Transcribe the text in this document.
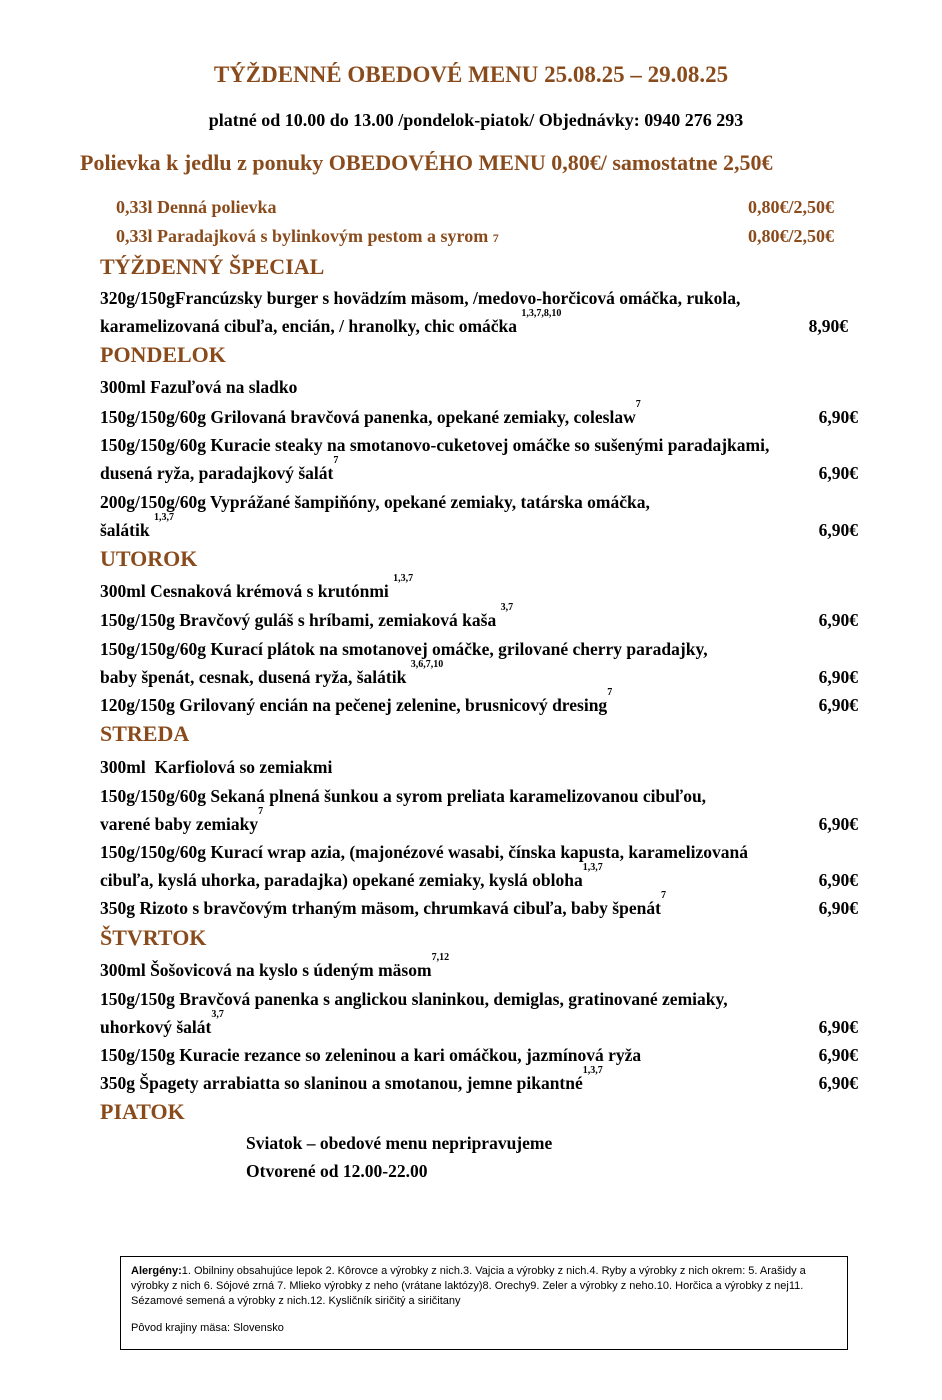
TÝŽDENNÉ OBEDOVÉ MENU 25.08.25 – 29.08.25
platné od 10.00 do 13.00 /pondelok-piatok/ Objednávky: 0940 276 293
Polievka k jedlu z ponuky OBEDOVÉHO MENU 0,80€/ samostatne 2,50€
0,33l Denná polievka	0,80€/2,50€
0,33l Paradajková s bylinkovým pestom a syrom 7	0,80€/2,50€
TÝŽDENNÝ ŠPECIAL
320g/150gFrancúzsky burger s hovädzím mäsom, /medovo-horčicová omáčka, rukola,
karamelizovaná cibuľa, encián, / hranolky, chic omáčka $^{1,3,7,8,10}$
8,90€
PONDELOK
300ml Fazuľová na sladko
150g/150g/60g Grilovaná bravčová panenka, opekané zemiaky, coleslaw$^7$
6,90€
150g/150g/60g Kuracie steaky na smotanovo-cuketovej omáčke so sušenými paradajkami,
dusená ryža, paradajkový šalát$^7$
6,90€
200g/150g/60g Vyprážané šampiňóny, opekané zemiaky, tatárska omáčka,
šalátik $^{1,3,7}$
6,90€
UTOROK
300ml Cesnaková krémová s krutónmi $^{1,3,7}$
150g/150g Bravčový guláš s hríbami, zemiaková kaša $^{3,7}$
6,90€
150g/150g/60g Kurací plátok na smotanovej omáčke, grilované cherry paradajky,
baby špenát, cesnak, dusená ryža, šalátik $^{3,6,7,10}$
6,90€
120g/150g Grilovaný encián na pečenej zelenine, brusnicový dresing$^7$
6,90€
STREDA
300ml  Karfiolová so zemiakmi
150g/150g/60g Sekaná plnená šunkou a syrom preliata karamelizovanou cibuľou,
varené baby zemiaky$^7$
6,90€
150g/150g/60g Kurací wrap azia, (majonézové wasabi, čínska kapusta, karamelizovaná
cibuľa, kyslá uhorka, paradajka) opekané zemiaky, kyslá obloha$^{1,3,7}$
6,90€
350g Rizoto s bravčovým trhaným mäsom, chrumkavá cibuľa, baby špenát$^7$
6,90€
ŠTVRTOK
300ml Šošovicová na kyslo s údeným mäsom$^{7,12}$
150g/150g Bravčová panenka s anglickou slaninkou, demiglas, gratinované zemiaky,
uhorkový šalát$^{3,7}$
6,90€
150g/150g Kuracie rezance so zeleninou a kari omáčkou, jazmínová ryža	6,90€
350g Špagety arrabiatta so slaninou a smotanou, jemne pikantné$^{1,3,7}$
6,90€
PIATOK
Sviatok – obedové menu nepripravujeme
Otvorené od 12.00-22.00
Alergény:1. Obilniny obsahujúce lepok 2. Kôrovce a výrobky z nich.3. Vajcia a výrobky z nich.4. Ryby a výrobky z nich okrem: 5. Arašidy a výrobky z nich 6. Sójové zrná 7. Mlieko výrobky z neho (vrátane laktózy)8. Orechy9. Zeler a výrobky z neho.10. Horčica a výrobky z nej11. Sézamové semená a výrobky z nich.12. Kysličník siričitý a siričitany
Pôvod krajiny mäsa: Slovensko
